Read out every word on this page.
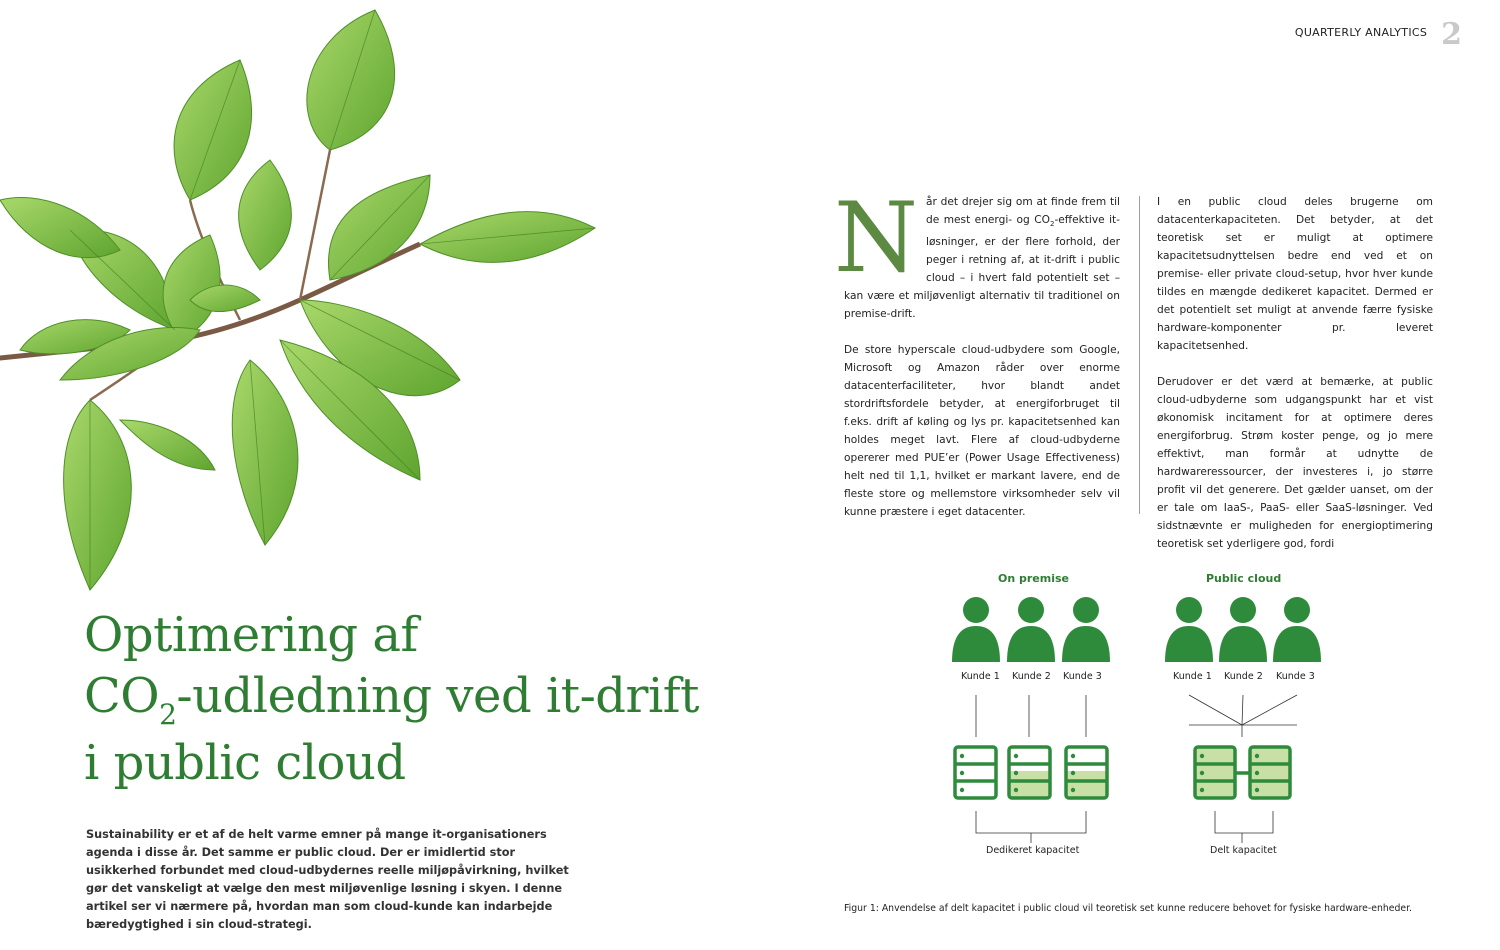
QUARTERLY ANALYTICS 2
Optimering af
$CO_2$-udledning ved it-drift
i public cloud
Sustainability er et af de helt varme emner på mange it-organisationers agenda i disse år. Det samme er public cloud. Der er imidlertid stor usikkerhed forbundet med cloud-udbydernes reelle miljøpåvirkning, hvilket gør det vanskeligt at vælge den mest miljøvenlige løsning i skyen. I denne artikel ser vi nærmere på, hvordan man som cloud-kunde kan indarbejde bæredygtighed i sin cloud-strategi.

Når det drejer sig om at finde frem til de mest energi- og $CO_2$-effektive it-løsninger, er der flere forhold, der peger i retning af, at it-drift i public cloud – i hvert fald potentielt set – kan være et miljøvenligt alternativ til traditionel on premise-drift.

De store hyperscale cloud-udbydere som Google, Microsoft og Amazon råder over enorme datacenterfaciliteter, hvor blandt andet stordriftsfordele betyder, at energiforbruget til f.eks. drift af køling og lys pr. kapacitetsenhed kan holdes meget lavt. Flere af cloud-udbyderne opererer med PUE’er (Power Usage Effectiveness) helt ned til 1,1, hvilket er markant lavere, end de fleste store og mellemstore virksomheder selv vil kunne præstere i eget datacenter.

I en public cloud deles brugerne om datacenterkapaciteten. Det betyder, at det teoretisk set er muligt at optimere kapacitetsudnyttelsen bedre end ved et on premise- eller private cloud-setup, hvor hver kunde tildes en mængde dedikeret kapacitet. Dermed er det potentielt set muligt at anvende færre fysiske hardware-komponenter pr. leveret kapacitetsenhed.

Derudover er det værd at bemærke, at public cloud-udbyderne som udgangspunkt har et vist økonomisk incitament for at optimere deres energiforbrug. Strøm koster penge, og jo mere effektivt, man formår at udnytte de hardwareressourcer, der investeres i, jo større profit vil det generere. Det gælder uanset, om der er tale om IaaS-, PaaS- eller SaaS-løsninger. Ved sidstnævnte er muligheden for energioptimering teoretisk set yderligere god, fordi

On premise	Public cloud
Kunde 1 Kunde 2 Kunde 3	Kunde 1 Kunde 2 Kunde 3
Dedikeret kapacitet	Delt kapacitet
Figur 1: Anvendelse af delt kapacitet i public cloud vil teoretisk set kunne reducere behovet for fysiske hardware-enheder.
